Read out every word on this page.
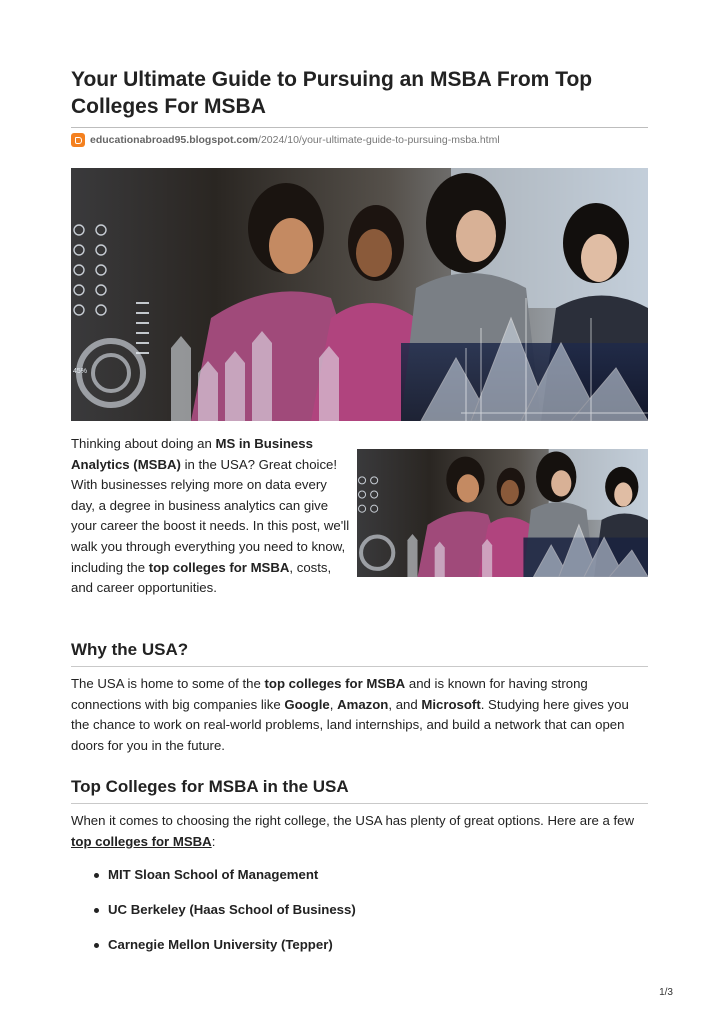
Your Ultimate Guide to Pursuing an MSBA From Top Colleges For MSBA
educationabroad95.blogspot.com /2024/10/your-ultimate-guide-to-pursuing-msba.html
45%
Thinking about doing an MS in Business Analytics (MSBA) in the USA? Great choice! With businesses relying more on data every day, a degree in business analytics can give your career the boost it needs. In this post, we'll walk you through everything you need to know, including the top colleges for MSBA, costs, and career opportunities.
Why the USA?

The USA is home to some of the top colleges for MSBA and is known for having strong connections with big companies like Google, Amazon, and Microsoft. Studying here gives you the chance to work on real-world problems, land internships, and build a network that can open doors for you in the future.

Top Colleges for MSBA in the USA

When it comes to choosing the right college, the USA has plenty of great options. Here are a few top colleges for MSBA:

MIT Sloan School of Management
UC Berkeley (Haas School of Business)
Carnegie Mellon University (Tepper)
1/3
